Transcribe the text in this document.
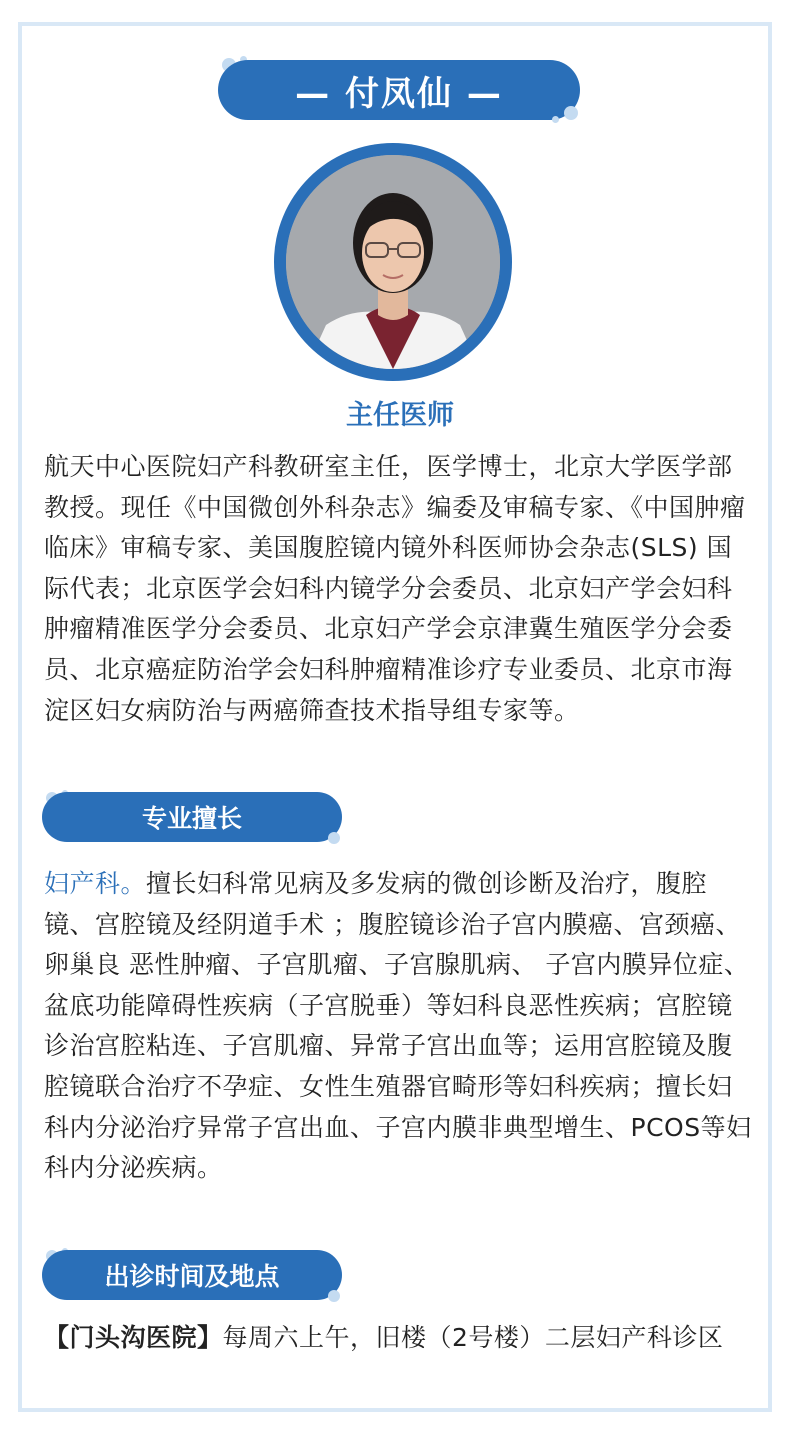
— 付凤仙 —
主任医师
航天中心医院妇产科教研室主任，医学博士，北京大学医学部教授。现任《中国微创外科杂志》编委及审稿专家、《中国肿瘤临床》审稿专家、美国腹腔镜内镜外科医师协会杂志(SLS) 国际代表；北京医学会妇科内镜学分会委员、北京妇产学会妇科肿瘤精准医学分会委员、北京妇产学会京津冀生殖医学分会委员、北京癌症防治学会妇科肿瘤精准诊疗专业委员、北京市海淀区妇女病防治与两癌筛查技术指导组专家等。
专业擅长
妇产科。擅长妇科常见病及多发病的微创诊断及治疗，腹腔镜、宫腔镜及经阴道手术 ；腹腔镜诊治子宫内膜癌、宫颈癌、卵巢良 恶性肿瘤、子宫肌瘤、子宫腺肌病、 子宫内膜异位症、盆底功能障碍性疾病（子宫脱垂）等妇科良恶性疾病；宫腔镜诊治宫腔粘连、子宫肌瘤、异常子宫出血等；运用宫腔镜及腹腔镜联合治疗不孕症、女性生殖器官畸形等妇科疾病；擅长妇科内分泌治疗异常子宫出血、子宫内膜非典型增生、PCOS等妇科内分泌疾病。
出诊时间及地点
【门头沟医院】每周六上午，旧楼（2号楼）二层妇产科诊区
